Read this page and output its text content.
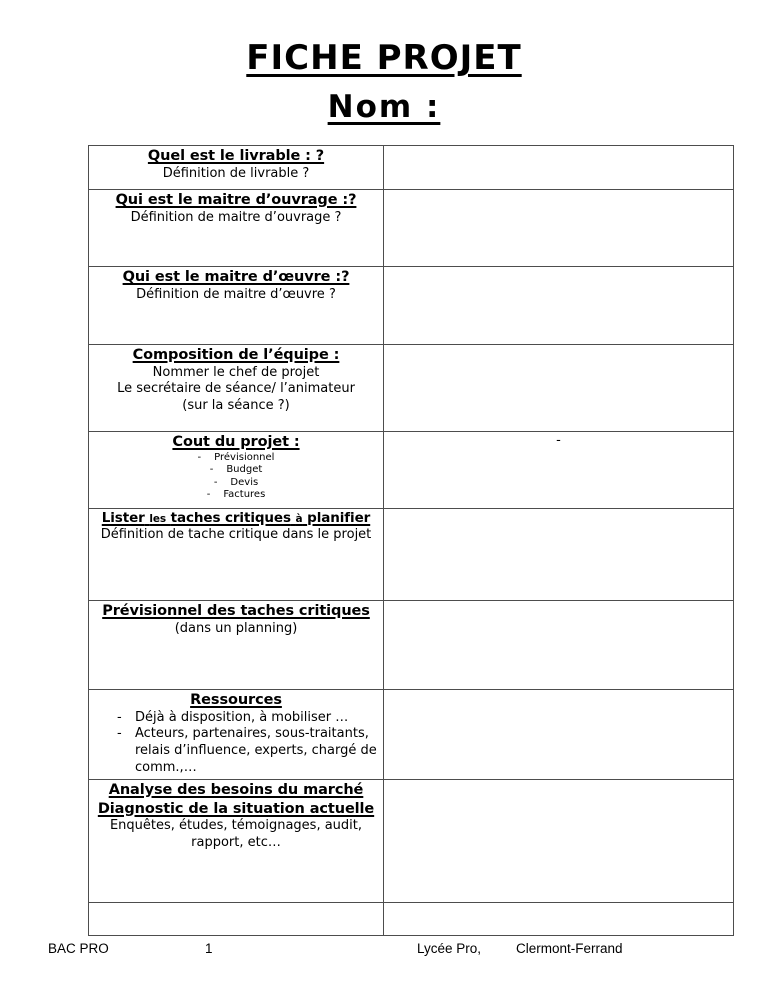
FICHE PROJET
Nom :
Quel est le livrable : ?
Définition de livrable ?	

Qui est le maitre d’ouvrage :?
Définition de maitre d’ouvrage ?	

Qui est le maitre d’œuvre :?
Définition de maitre d’œuvre ?	

Composition de l’équipe :
Nommer le chef de projet
Le secrétaire de séance/ l’animateur
(sur la séance ?)	

Cout du projet :
- Prévisionnel
- Budget
- Devis
- Factures	-

Lister les taches critiques à planifier
Définition de tache critique dans le projet	

Prévisionnel des taches critiques
(dans un planning)	

Ressources
- Déjà à disposition, à mobiliser …
- Acteurs, partenaires, sous-traitants, relais d’influence, experts, chargé de comm.,…	

Analyse des besoins du marché
Diagnostic de la situation actuelle
Enquêtes, études, témoignages, audit, rapport, etc…	

BAC PRO	1	Lycée Pro,	Clermont-Ferrand
